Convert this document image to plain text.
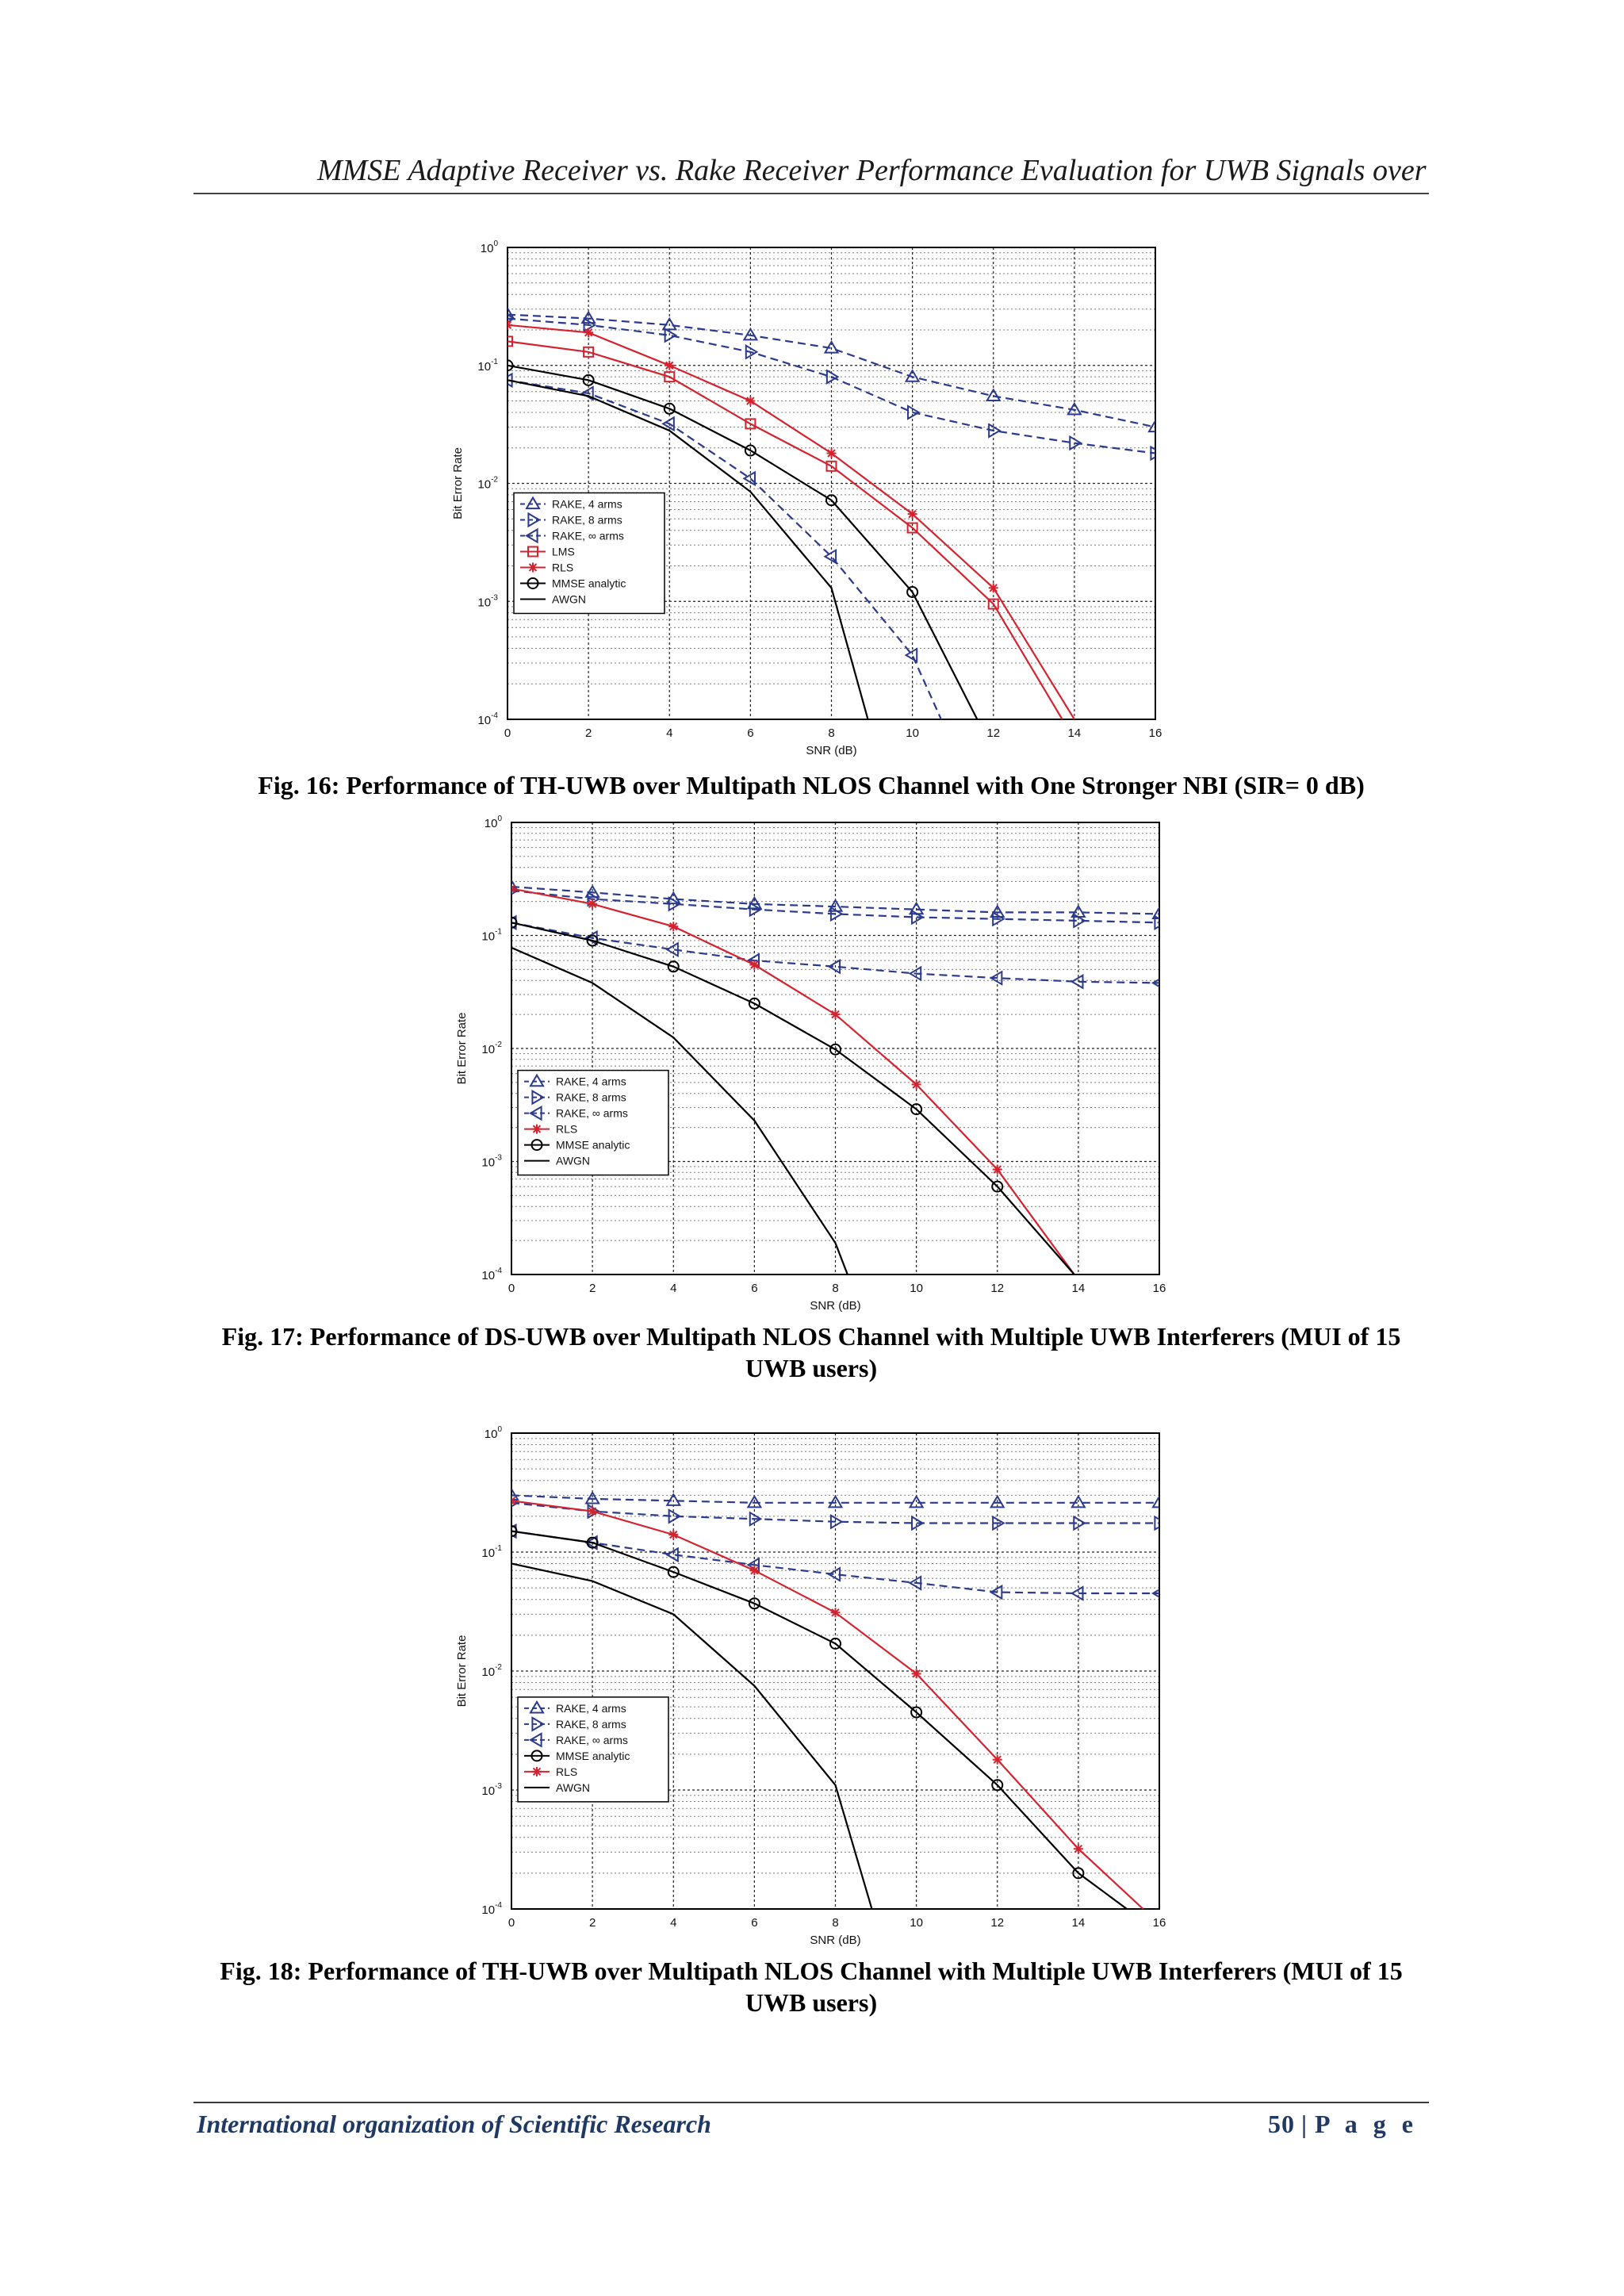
MMSE Adaptive Receiver vs. Rake Receiver Performance Evaluation for UWB Signals over
0	2	4	6	8	10	12	14	16
$10^0$
$10^{-1}$
$10^{-2}$
$10^{-3}$
$10^{-4}$
SNR (dB)
Bit Error Rate	RAKE, 4 arms
RAKE, 8 arms
RAKE, ∞ arms
LMS
RLS
MMSE analytic
AWGN
Fig. 16: Performance of TH-UWB over Multipath NLOS Channel with One Stronger NBI (SIR= 0 dB)
0	2	4	6	8	10	12	14	16
$10^0$
$10^{-1}$
$10^{-2}$
$10^{-3}$
$10^{-4}$
SNR (dB)
Bit Error Rate	RAKE, 4 arms
RAKE, 8 arms
RAKE, ∞ arms
RLS
MMSE analytic
AWGN
Fig. 17: Performance of DS-UWB over Multipath NLOS Channel with Multiple UWB Interferers (MUI of 15 UWB users)
0	2	4	6	8	10	12	14	16
$10^0$
$10^{-1}$
$10^{-2}$
$10^{-3}$
$10^{-4}$
SNR (dB)
Bit Error Rate
RAKE, 4 arms
RAKE, 8 arms
RAKE, ∞ arms
MMSE analytic
RLS
AWGN
Fig. 18: Performance of TH-UWB over Multipath NLOS Channel with Multiple UWB Interferers (MUI of 15 UWB users)
International organization of Scientific Research	50 | P a g e
